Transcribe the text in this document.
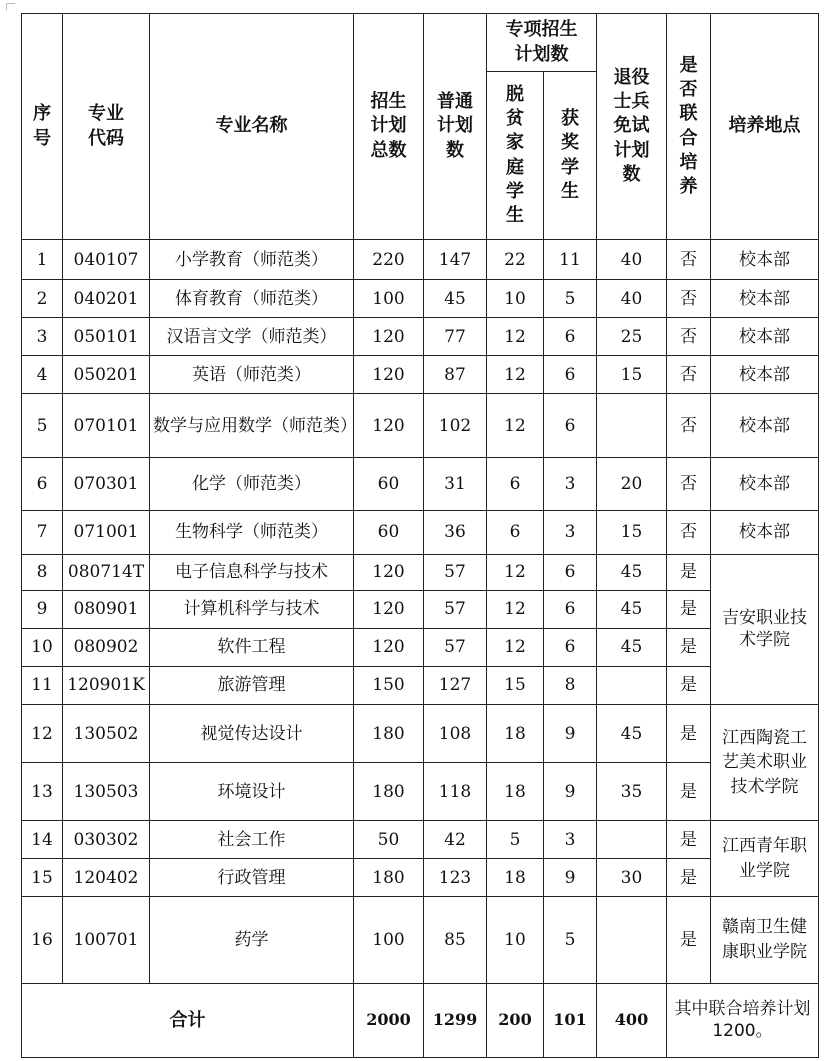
序号	专业代码	专业名称	招生计划总数	普通计划数	专项招生计划数		退役士兵免试计划数	是否联合培养	培养地点
					脱贫家庭学生	获奖学生			
1	040107	小学教育（师范类）	220	147	22	11	40	否	校本部
2	040201	体育教育（师范类）	100	45	10	5	40	否	校本部
3	050101	汉语言文学（师范类）	120	77	12	6	25	否	校本部
4	050201	英语（师范类）	120	87	12	6	15	否	校本部
5	070101	数学与应用数学（师范类）	120	102	12	6		否	校本部
6	070301	化学（师范类）	60	31	6	3	20	否	校本部
7	071001	生物科学（师范类）	60	36	6	3	15	否	校本部
8	080714T	电子信息科学与技术	120	57	12	6	45	是	吉安职业技术学院
9	080901	计算机科学与技术	120	57	12	6	45	是	
10	080902	软件工程	120	57	12	6	45	是	
11	120901K	旅游管理	150	127	15	8		是	
12	130502	视觉传达设计	180	108	18	9	45	是	江西陶瓷工艺美术职业技术学院
13	130503	环境设计	180	118	18	9	35	是	
14	030302	社会工作	50	42	5	3		是	江西青年职业学院
15	120402	行政管理	180	123	18	9	30	是	
16	100701	药学	100	85	10	5		是	赣南卫生健康职业学院
合计			2000	1299	200	101	400	其中联合培养计划 1200。	
